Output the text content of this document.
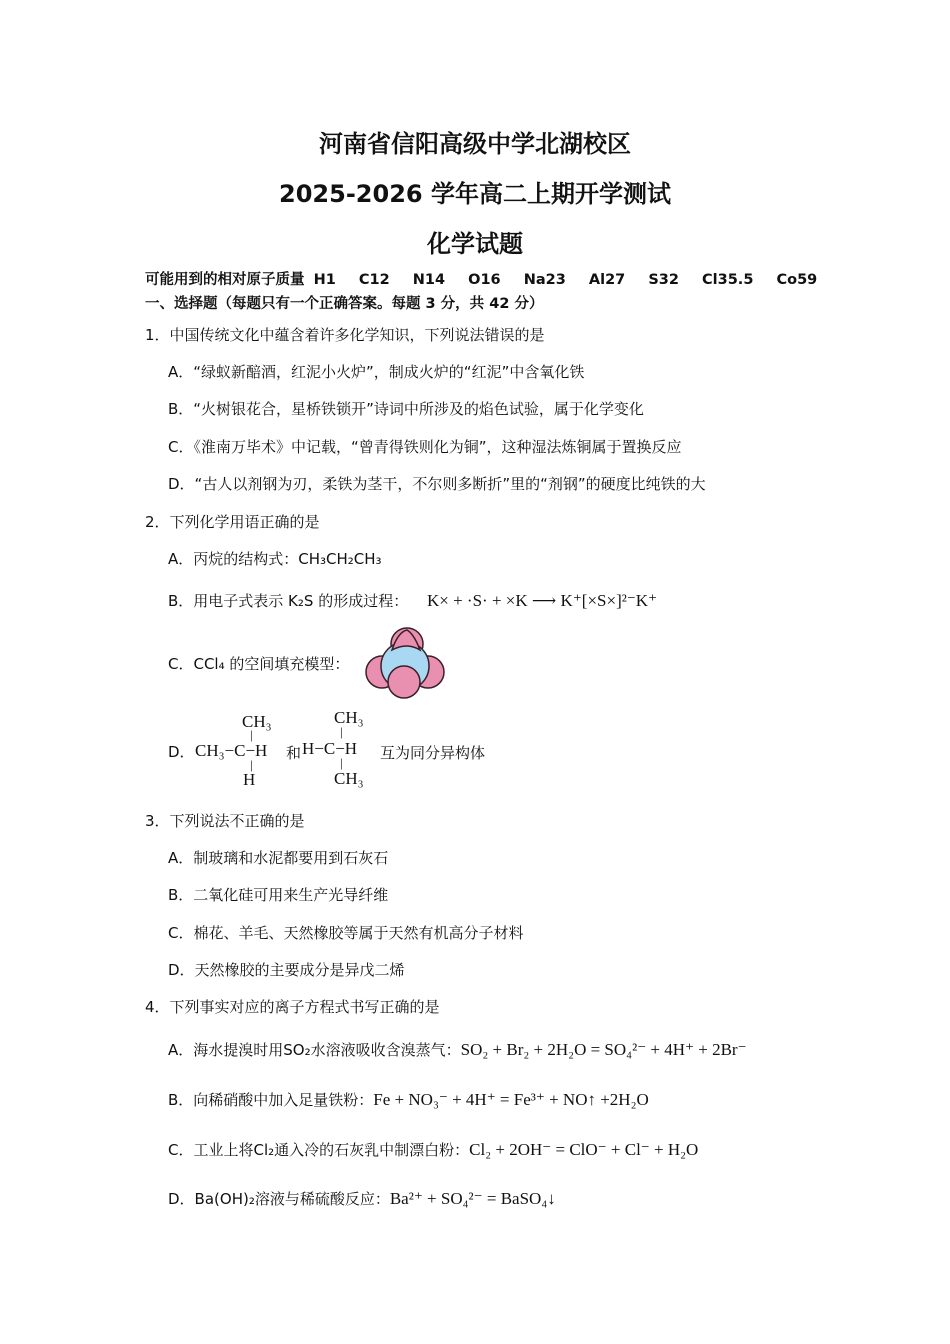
河南省信阳高级中学北湖校区
2025-2026 学年高二上期开学测试
化学试题
可能用到的相对原子质量 H1 C12 N14 O16 Na23 Al27 S32 Cl35.5 Co59
一、选择题（每题只有一个正确答案。每题 3 分，共 42 分）
1．中国传统文化中蕴含着许多化学知识，下列说法错误的是
A．“绿蚁新醅酒，红泥小火炉”，制成火炉的“红泥”中含氧化铁
B．“火树银花合，星桥铁锁开”诗词中所涉及的焰色试验，属于化学变化
C．《淮南万毕术》中记载，“曾青得铁则化为铜”，这种湿法炼铜属于置换反应
D．“古人以剂钢为刃，柔铁为茎干，不尔则多断折”里的“剂钢”的硬度比纯铁的大
2．下列化学用语正确的是
A．丙烷的结构式：CH₃CH₂CH₃
B．用电子式表示 K₂S 的形成过程： K× + ·S· + ×K ⟶ K⁺[×S×]²⁻K⁺
C．CCl₄ 的空间填充模型：
D．
CH₃
|
CH₃−C−H
|
H
和
CH₃
|
H−C−H
|
CH₃
互为同分异构体
3．下列说法不正确的是
A．制玻璃和水泥都要用到石灰石
B．二氧化硅可用来生产光导纤维
C．棉花、羊毛、天然橡胶等属于天然有机高分子材料
D．天然橡胶的主要成分是异戊二烯
4．下列事实对应的离子方程式书写正确的是
A．海水提溴时用SO₂水溶液吸收含溴蒸气：SO₂ + Br₂ + 2H₂O = SO₄²⁻ + 4H⁺ + 2Br⁻
B．向稀硝酸中加入足量铁粉：Fe + NO₃⁻ + 4H⁺ = Fe³⁺ + NO↑ +2H₂O
C．工业上将Cl₂通入冷的石灰乳中制漂白粉：Cl₂ + 2OH⁻ = ClO⁻ + Cl⁻ + H₂O
D．Ba(OH)₂溶液与稀硫酸反应：Ba²⁺ + SO₄²⁻ = BaSO₄↓
